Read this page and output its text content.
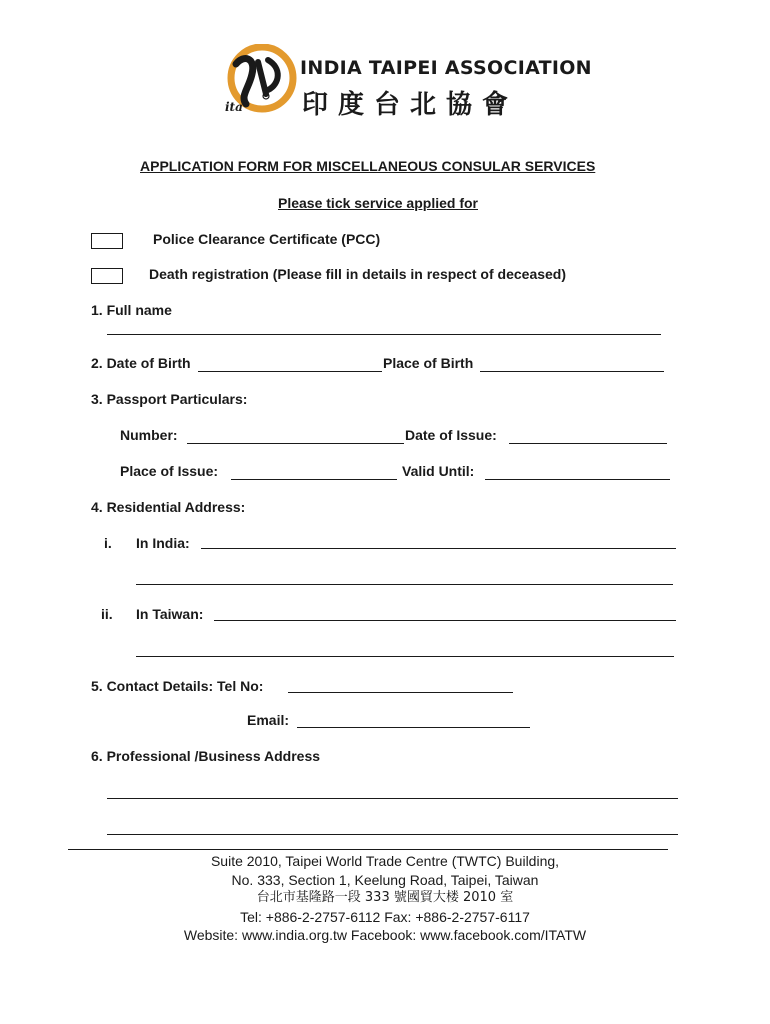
ita
INDIA TAIPEI ASSOCIATION
印度台北協會
APPLICATION FORM FOR MISCELLANEOUS CONSULAR SERVICES
Please tick service applied for
Police Clearance Certificate (PCC)
Death registration (Please fill in details in respect of deceased)
1. Full name
2. Date of Birth	Place of Birth
3. Passport Particulars:
Number:	Date of Issue:
Place of Issue:	Valid Until:
4. Residential Address:
i. In India:
ii. In Taiwan:
5. Contact Details: Tel No:
Email:
6. Professional /Business Address
Suite 2010, Taipei World Trade Centre (TWTC) Building,
No. 333, Section 1, Keelung Road, Taipei, Taiwan
台北市基隆路一段 333 號國貿大楼 2010 室
Tel: +886-2-2757-6112 Fax: +886-2-2757-6117
Website: www.india.org.tw Facebook: www.facebook.com/ITATW
